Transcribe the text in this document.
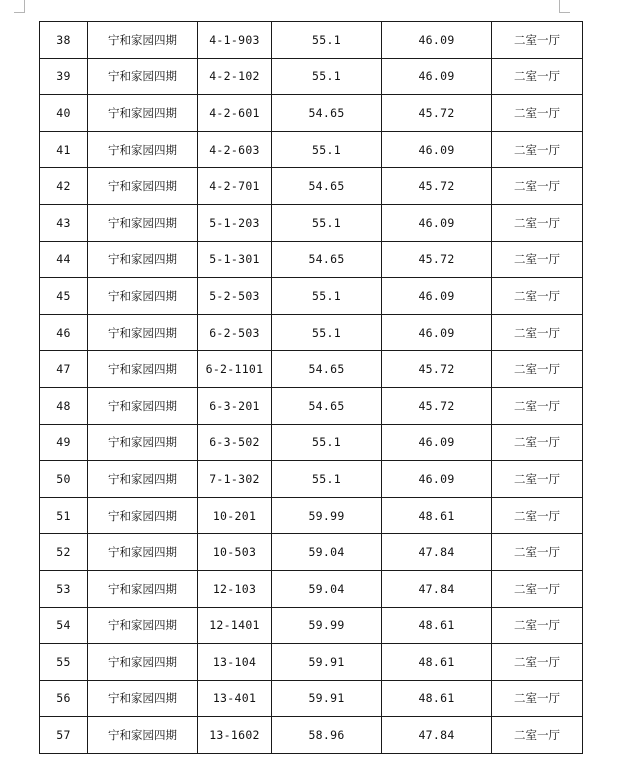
38	宁和家园四期	4-1-903	55.1	46.09	二室一厅
39	宁和家园四期	4-2-102	55.1	46.09	二室一厅
40	宁和家园四期	4-2-601	54.65	45.72	二室一厅
41	宁和家园四期	4-2-603	55.1	46.09	二室一厅
42	宁和家园四期	4-2-701	54.65	45.72	二室一厅
43	宁和家园四期	5-1-203	55.1	46.09	二室一厅
44	宁和家园四期	5-1-301	54.65	45.72	二室一厅
45	宁和家园四期	5-2-503	55.1	46.09	二室一厅
46	宁和家园四期	6-2-503	55.1	46.09	二室一厅
47	宁和家园四期	6-2-1101	54.65	45.72	二室一厅
48	宁和家园四期	6-3-201	54.65	45.72	二室一厅
49	宁和家园四期	6-3-502	55.1	46.09	二室一厅
50	宁和家园四期	7-1-302	55.1	46.09	二室一厅
51	宁和家园四期	10-201	59.99	48.61	二室一厅
52	宁和家园四期	10-503	59.04	47.84	二室一厅
53	宁和家园四期	12-103	59.04	47.84	二室一厅
54	宁和家园四期	12-1401	59.99	48.61	二室一厅
55	宁和家园四期	13-104	59.91	48.61	二室一厅
56	宁和家园四期	13-401	59.91	48.61	二室一厅
57	宁和家园四期	13-1602	58.96	47.84	二室一厅
